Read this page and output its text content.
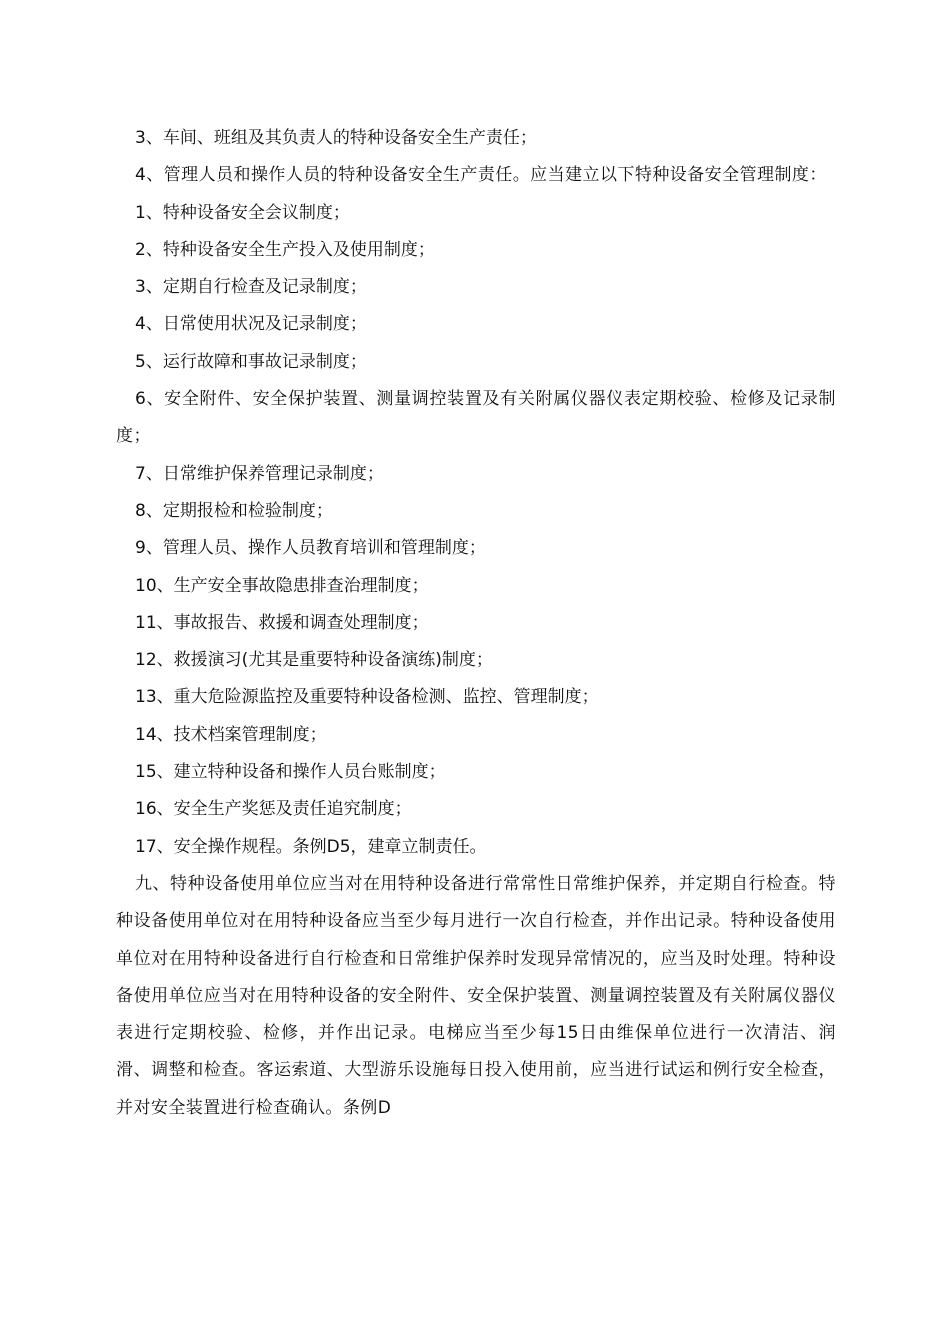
3、车间、班组及其负责人的特种设备安全生产责任；

4、管理人员和操作人员的特种设备安全生产责任。应当建立以下特种设备安全管理制度：

1、特种设备安全会议制度；

2、特种设备安全生产投入及使用制度；

3、定期自行检查及记录制度；

4、日常使用状况及记录制度；

5、运行故障和事故记录制度；

6、安全附件、安全保护装置、测量调控装置及有关附属仪器仪表定期校验、检修及记录制度；

7、日常维护保养管理记录制度；

8、定期报检和检验制度；

9、管理人员、操作人员教育培训和管理制度；

10、生产安全事故隐患排查治理制度；

11、事故报告、救援和调查处理制度；

12、救援演习(尤其是重要特种设备演练)制度；

13、重大危险源监控及重要特种设备检测、监控、管理制度；

14、技术档案管理制度；

15、建立特种设备和操作人员台账制度；

16、安全生产奖惩及责任追究制度；

17、安全操作规程。条例D5，建章立制责任。

九、特种设备使用单位应当对在用特种设备进行常常性日常维护保养，并定期自行检查。特种设备使用单位对在用特种设备应当至少每月进行一次自行检查，并作出记录。特种设备使用单位对在用特种设备进行自行检查和日常维护保养时发现异常情况的，应当及时处理。特种设备使用单位应当对在用特种设备的安全附件、安全保护装置、测量调控装置及有关附属仪器仪表进行定期校验、检修，并作出记录。电梯应当至少每15日由维保单位进行一次清洁、润滑、调整和检查。客运索道、大型游乐设施每日投入使用前，应当进行试运和例行安全检查，并对安全装置进行检查确认。条例D
